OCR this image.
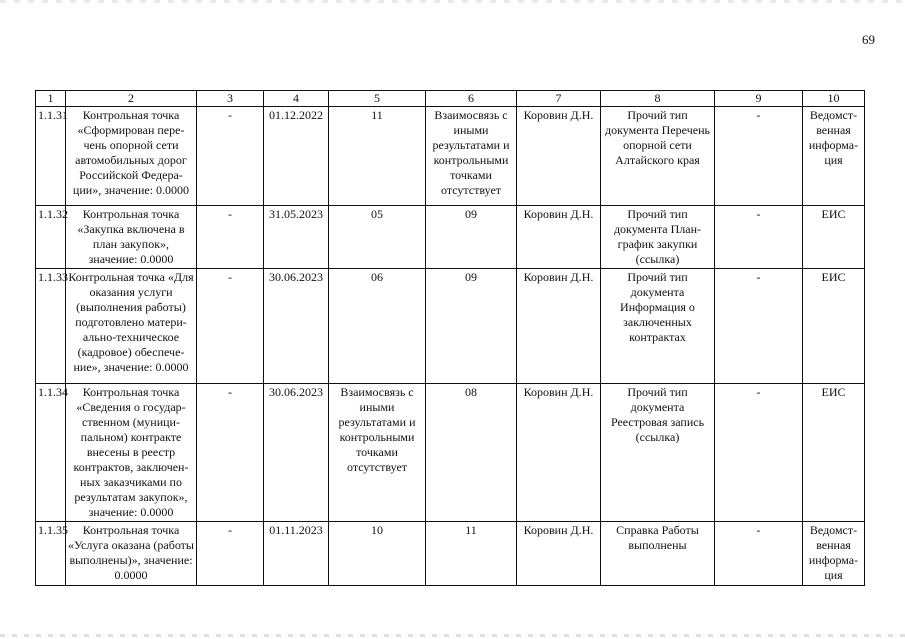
69
1	2	3	4	5	6	7	8	9	10
1.1.31	Контрольная точка «Сформирован пере-чень опорной сети автомобильных дорог Российской Федера-ции», значение: 0.0000	-	01.12.2022	11	Взаимосвязь с иными результатами и контрольными точками отсутствует	Коровин Д.Н.	Прочий тип документа Перечень опорной сети Алтайского края	-	Ведомст-венная информа-ция
1.1.32	Контрольная точка «Закупка включена в план закупок», значение: 0.0000	-	31.05.2023	05	09	Коровин Д.Н.	Прочий тип документа План-график закупки (ссылка)	-	ЕИС
1.1.33	Контрольная точка «Для оказания услуги (выполнения работы) подготовлено матери-ально-техническое (кадровое) обеспече-ние», значение: 0.0000	-	30.06.2023	06	09	Коровин Д.Н.	Прочий тип документа Информация о заключенных контрактах	-	ЕИС
1.1.34	Контрольная точка «Сведения о государ-ственном (муници-пальном) контракте внесены в реестр контрактов, заключен-ных заказчиками по результатам закупок», значение: 0.0000	-	30.06.2023	Взаимосвязь с иными результатами и контрольными точками отсутствует	08	Коровин Д.Н.	Прочий тип документа Реестровая запись (ссылка)	-	ЕИС
1.1.35	Контрольная точка «Услуга оказана (работы выполнены)», значение: 0.0000	-	01.11.2023	10	11	Коровин Д.Н.	Справка Работы выполнены	-	Ведомст-венная информа-ция
